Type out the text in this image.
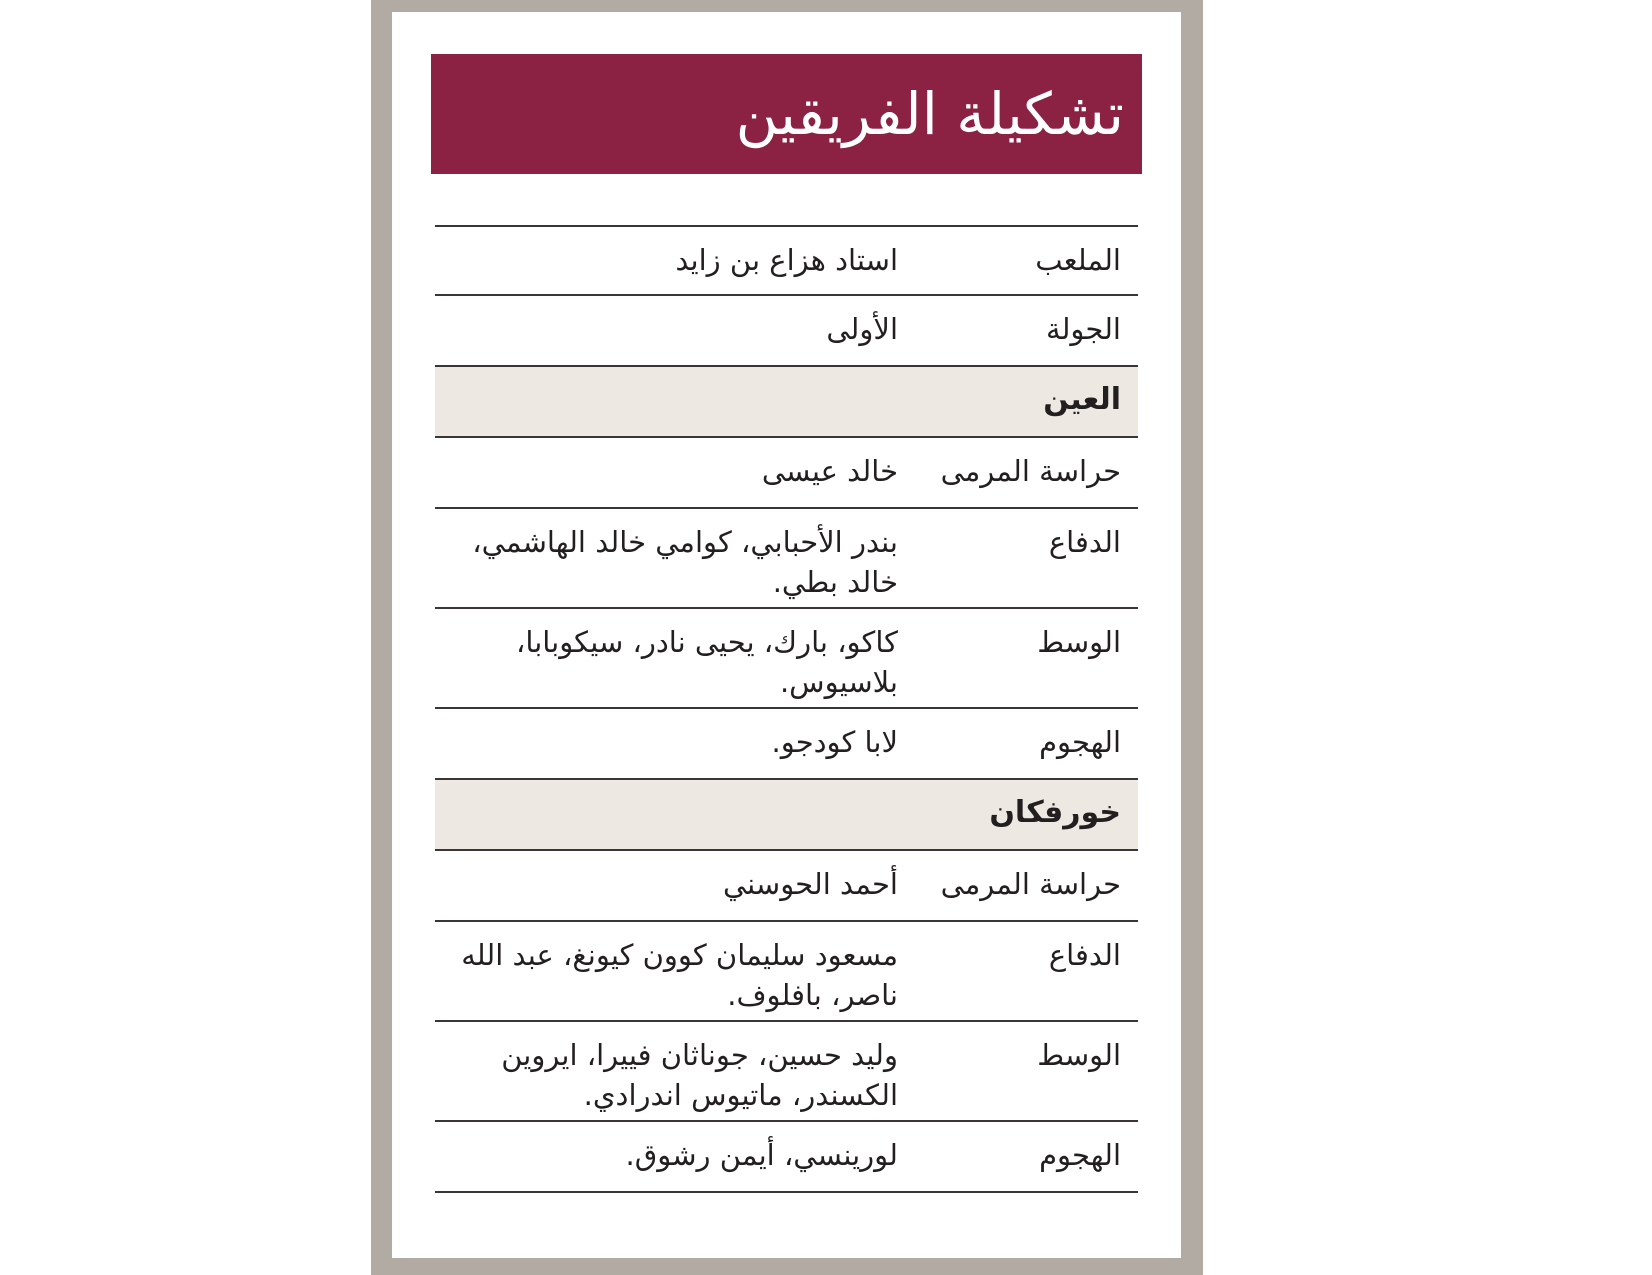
تشكيلة الفريقين
الملعب
استاد هزاع بن زايد
الجولة
الأولى
العين
حراسة المرمى
خالد عيسى
الدفاع
بندر الأحبابي، كوامي خالد الهاشمي، خالد بطي.
الوسط
كاكو، بارك، يحيى نادر، سيكوبابا، بلاسيوس.
الهجوم
لابا كودجو.
خورفكان
حراسة المرمى
أحمد الحوسني
الدفاع
مسعود سليمان كوون كيونغ، عبد الله ناصر، بافلوف.
الوسط
وليد حسين، جوناثان فييرا، ايروين الكسندر، ماتيوس اندرادي.
الهجوم
لورينسي، أيمن رشوق.
